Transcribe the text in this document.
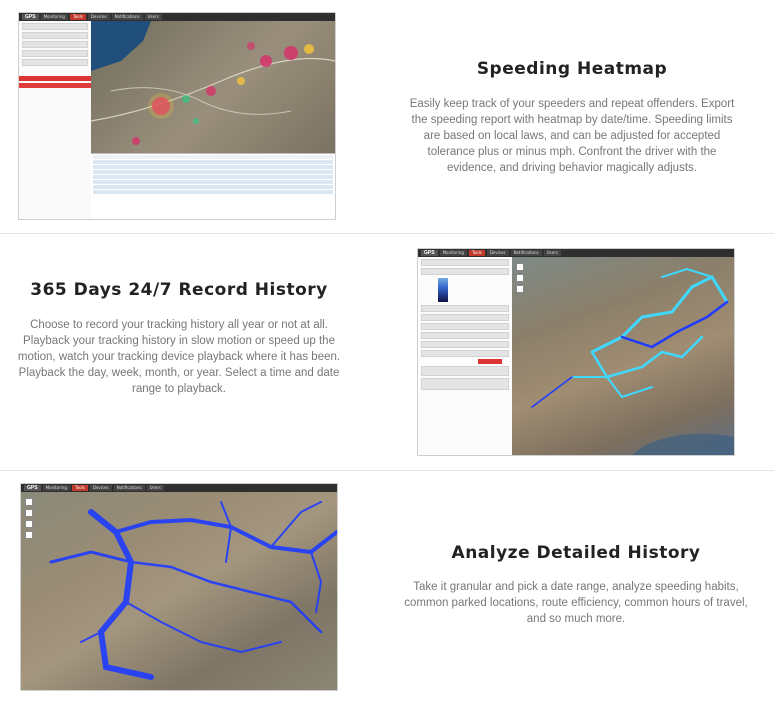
GPS	Monitoring	Tools	Devices	Notifications	Users
Speeding Heatmap
Easily keep track of your speeders and repeat offenders. Export the speeding report with heatmap by date/time. Speeding limits are based on local laws, and can be adjusted for accepted tolerance plus or minus mph. Confront the driver with the evidence, and driving behavior magically adjusts.
365 Days 24/7 Record History
Choose to record your tracking history all year or not at all. Playback your tracking history in slow motion or speed up the motion, watch your tracking device playback where it has been. Playback the day, week, month, or year. Select a time and date range to playback.
GPS	Monitoring	Tools	Devices	Notifications	Users
GPS	Monitoring	Tools	Devices	Notifications	Users
Analyze Detailed History
Take it granular and pick a date range, analyze speeding habits, common parked locations, route efficiency, common hours of travel, and so much more.
